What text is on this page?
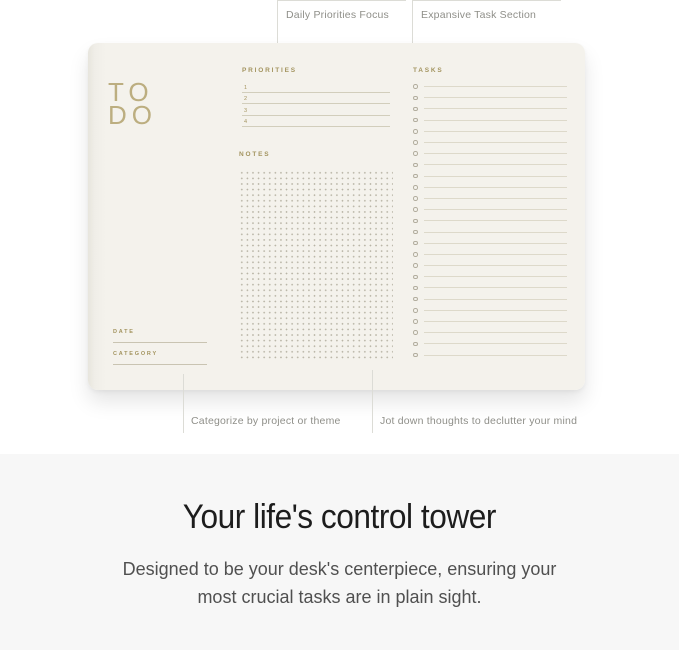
Daily Priorities Focus	Expansive Task Section
TO
DO
PRIORITIES
1
2
3
4
NOTES
TASKS
DATE
CATEGORY
Categorize by project or theme	Jot down thoughts to declutter your mind
Your life's control tower

Designed to be your desk's centerpiece, ensuring your
most crucial tasks are in plain sight.
